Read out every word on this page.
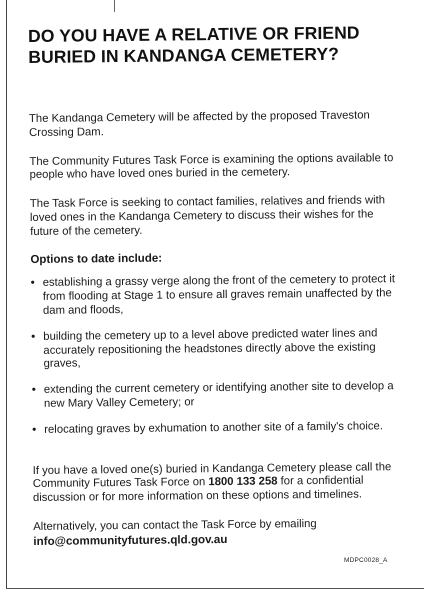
DO YOU HAVE A RELATIVE OR FRIEND
BURIED IN KANDANGA CEMETERY?

The Kandanga Cemetery will be affected by the proposed Traveston Crossing Dam.

The Community Futures Task Force is examining the options available to people who have loved ones buried in the cemetery.

The Task Force is seeking to contact families, relatives and friends with loved ones in the Kandanga Cemetery to discuss their wishes for the future of the cemetery.

Options to date include:

• establishing a grassy verge along the front of the cemetery to protect it from flooding at Stage 1 to ensure all graves remain unaffected by the dam and floods,
• building the cemetery up to a level above predicted water lines and accurately repositioning the headstones directly above the existing graves,
• extending the current cemetery or identifying another site to develop a new Mary Valley Cemetery; or
• relocating graves by exhumation to another site of a family's choice.

If you have a loved one(s) buried in Kandanga Cemetery please call the Community Futures Task Force on 1800 133 258 for a confidential discussion or for more information on these options and timelines.

Alternatively, you can contact the Task Force by emailing
info@communityfutures.qld.gov.au

MDPC0028_A
